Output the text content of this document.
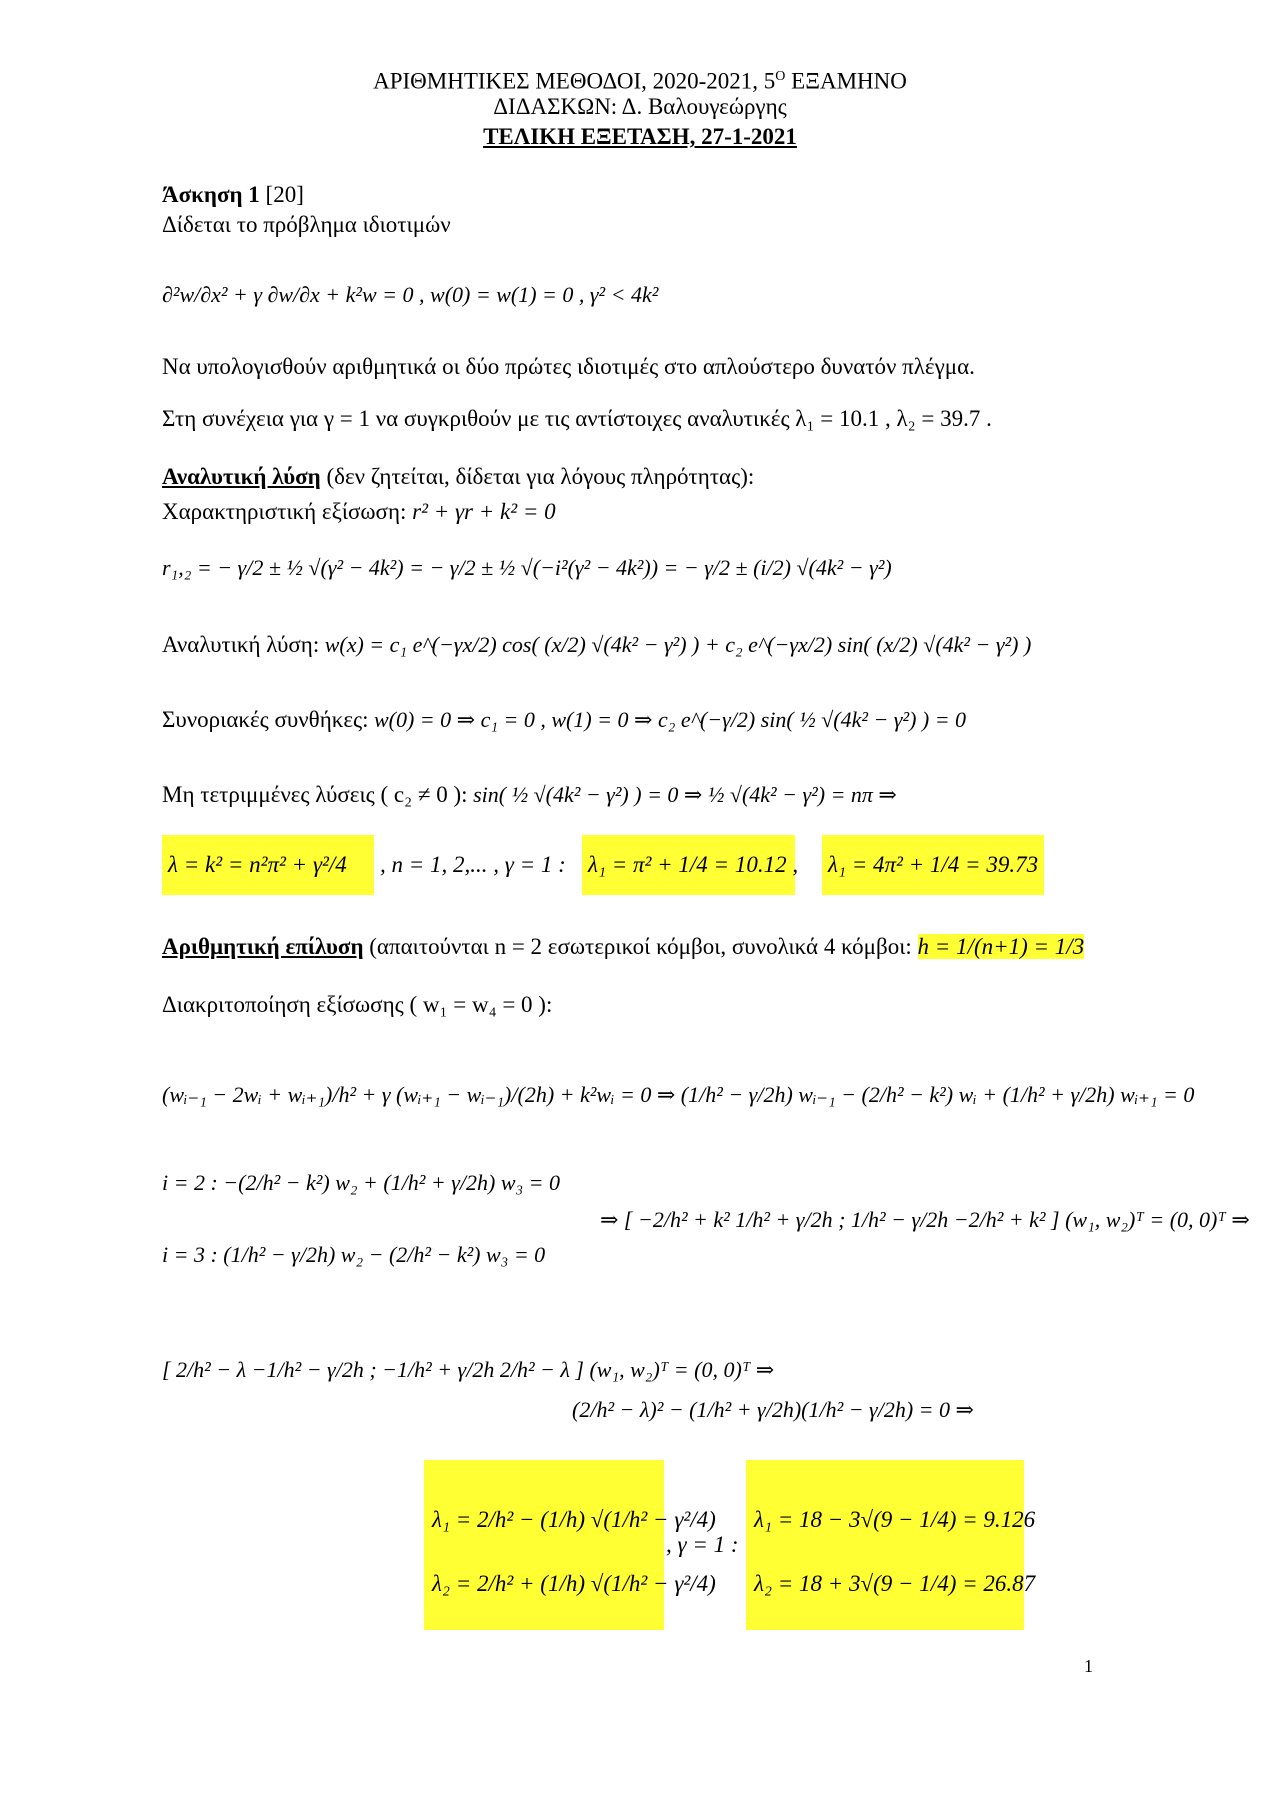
ΑΡΙΘΜΗΤΙΚΕΣ ΜΕΘΟΔΟΙ, 2020-2021, $5^O$ ΕΞΑΜΗΝΟ
ΔΙΔΑΣΚΩΝ: Δ. Βαλουγεώργης
ΤΕΛΙΚΗ ΕΞΕΤΑΣΗ, 27-1-2021
Άσκηση 1 [20]
Δίδεται το πρόβλημα ιδιοτιμών
∂²w/∂x² + γ ∂w/∂x + k²w = 0 , w(0) = w(1) = 0 , γ² < 4k²
Να υπολογισθούν αριθμητικά οι δύο πρώτες ιδιοτιμές στο απλούστερο δυνατόν πλέγμα.
Στη συνέχεια για γ = 1 να συγκριθούν με τις αντίστοιχες αναλυτικές λ₁ = 10.1 , λ₂ = 39.7 .
Αναλυτική λύση (δεν ζητείται, δίδεται για λόγους πληρότητας):
Χαρακτηριστική εξίσωση: r² + γr + k² = 0
r₁,₂ = − γ/2 ± ½ √(γ² − 4k²) = − γ/2 ± ½ √(−i²(γ² − 4k²)) = − γ/2 ± (i/2) √(4k² − γ²)
Αναλυτική λύση: w(x) = c₁ e^(−γx/2) cos( (x/2) √(4k² − γ²) ) + c₂ e^(−γx/2) sin( (x/2) √(4k² − γ²) )
Συνοριακές συνθήκες: w(0) = 0 ⇒ c₁ = 0 , w(1) = 0 ⇒ c₂ e^(−γ/2) sin( ½ √(4k² − γ²) ) = 0
Μη τετριμμένες λύσεις ( c₂ ≠ 0 ): sin( ½ √(4k² − γ²) ) = 0 ⇒ ½ √(4k² − γ²) = nπ ⇒
λ = k² = n²π² + γ²/4	, n = 1, 2,... , γ = 1 : λ₁ = π² + 1/4 = 10.12 , λ₁ = 4π² + 1/4 = 39.73
Αριθμητική επίλυση (απαιτούνται n = 2 εσωτερικοί κόμβοι, συνολικά 4 κόμβοι: h = 1/(n+1) = 1/3
Διακριτοποίηση εξίσωσης ( w₁ = w₄ = 0 ):
(wᵢ₋₁ − 2wᵢ + wᵢ₊₁)/h² + γ (wᵢ₊₁ − wᵢ₋₁)/(2h) + k²wᵢ = 0 ⇒ (1/h² − γ/2h) wᵢ₋₁ − (2/h² − k²) wᵢ + (1/h² + γ/2h) wᵢ₊₁ = 0
i = 2 : −(2/h² − k²) w₂ + (1/h² + γ/2h) w₃ = 0
i = 3 : (1/h² − γ/2h) w₂ − (2/h² − k²) w₃ = 0
⇒ [ −2/h² + k² 1/h² + γ/2h ; 1/h² − γ/2h −2/h² + k² ] (w₁, w₂)ᵀ = (0, 0)ᵀ ⇒
[ 2/h² − λ −1/h² − γ/2h ; −1/h² + γ/2h 2/h² − λ ] (w₁, w₂)ᵀ = (0, 0)ᵀ ⇒
(2/h² − λ)² − (1/h² + γ/2h)(1/h² − γ/2h) = 0 ⇒
λ₁ = 2/h² − (1/h) √(1/h² − γ²/4)
λ₂ = 2/h² + (1/h) √(1/h² − γ²/4)
, γ = 1 :
λ₁ = 18 − 3√(9 − 1/4) = 9.126
λ₂ = 18 + 3√(9 − 1/4) = 26.87
1
